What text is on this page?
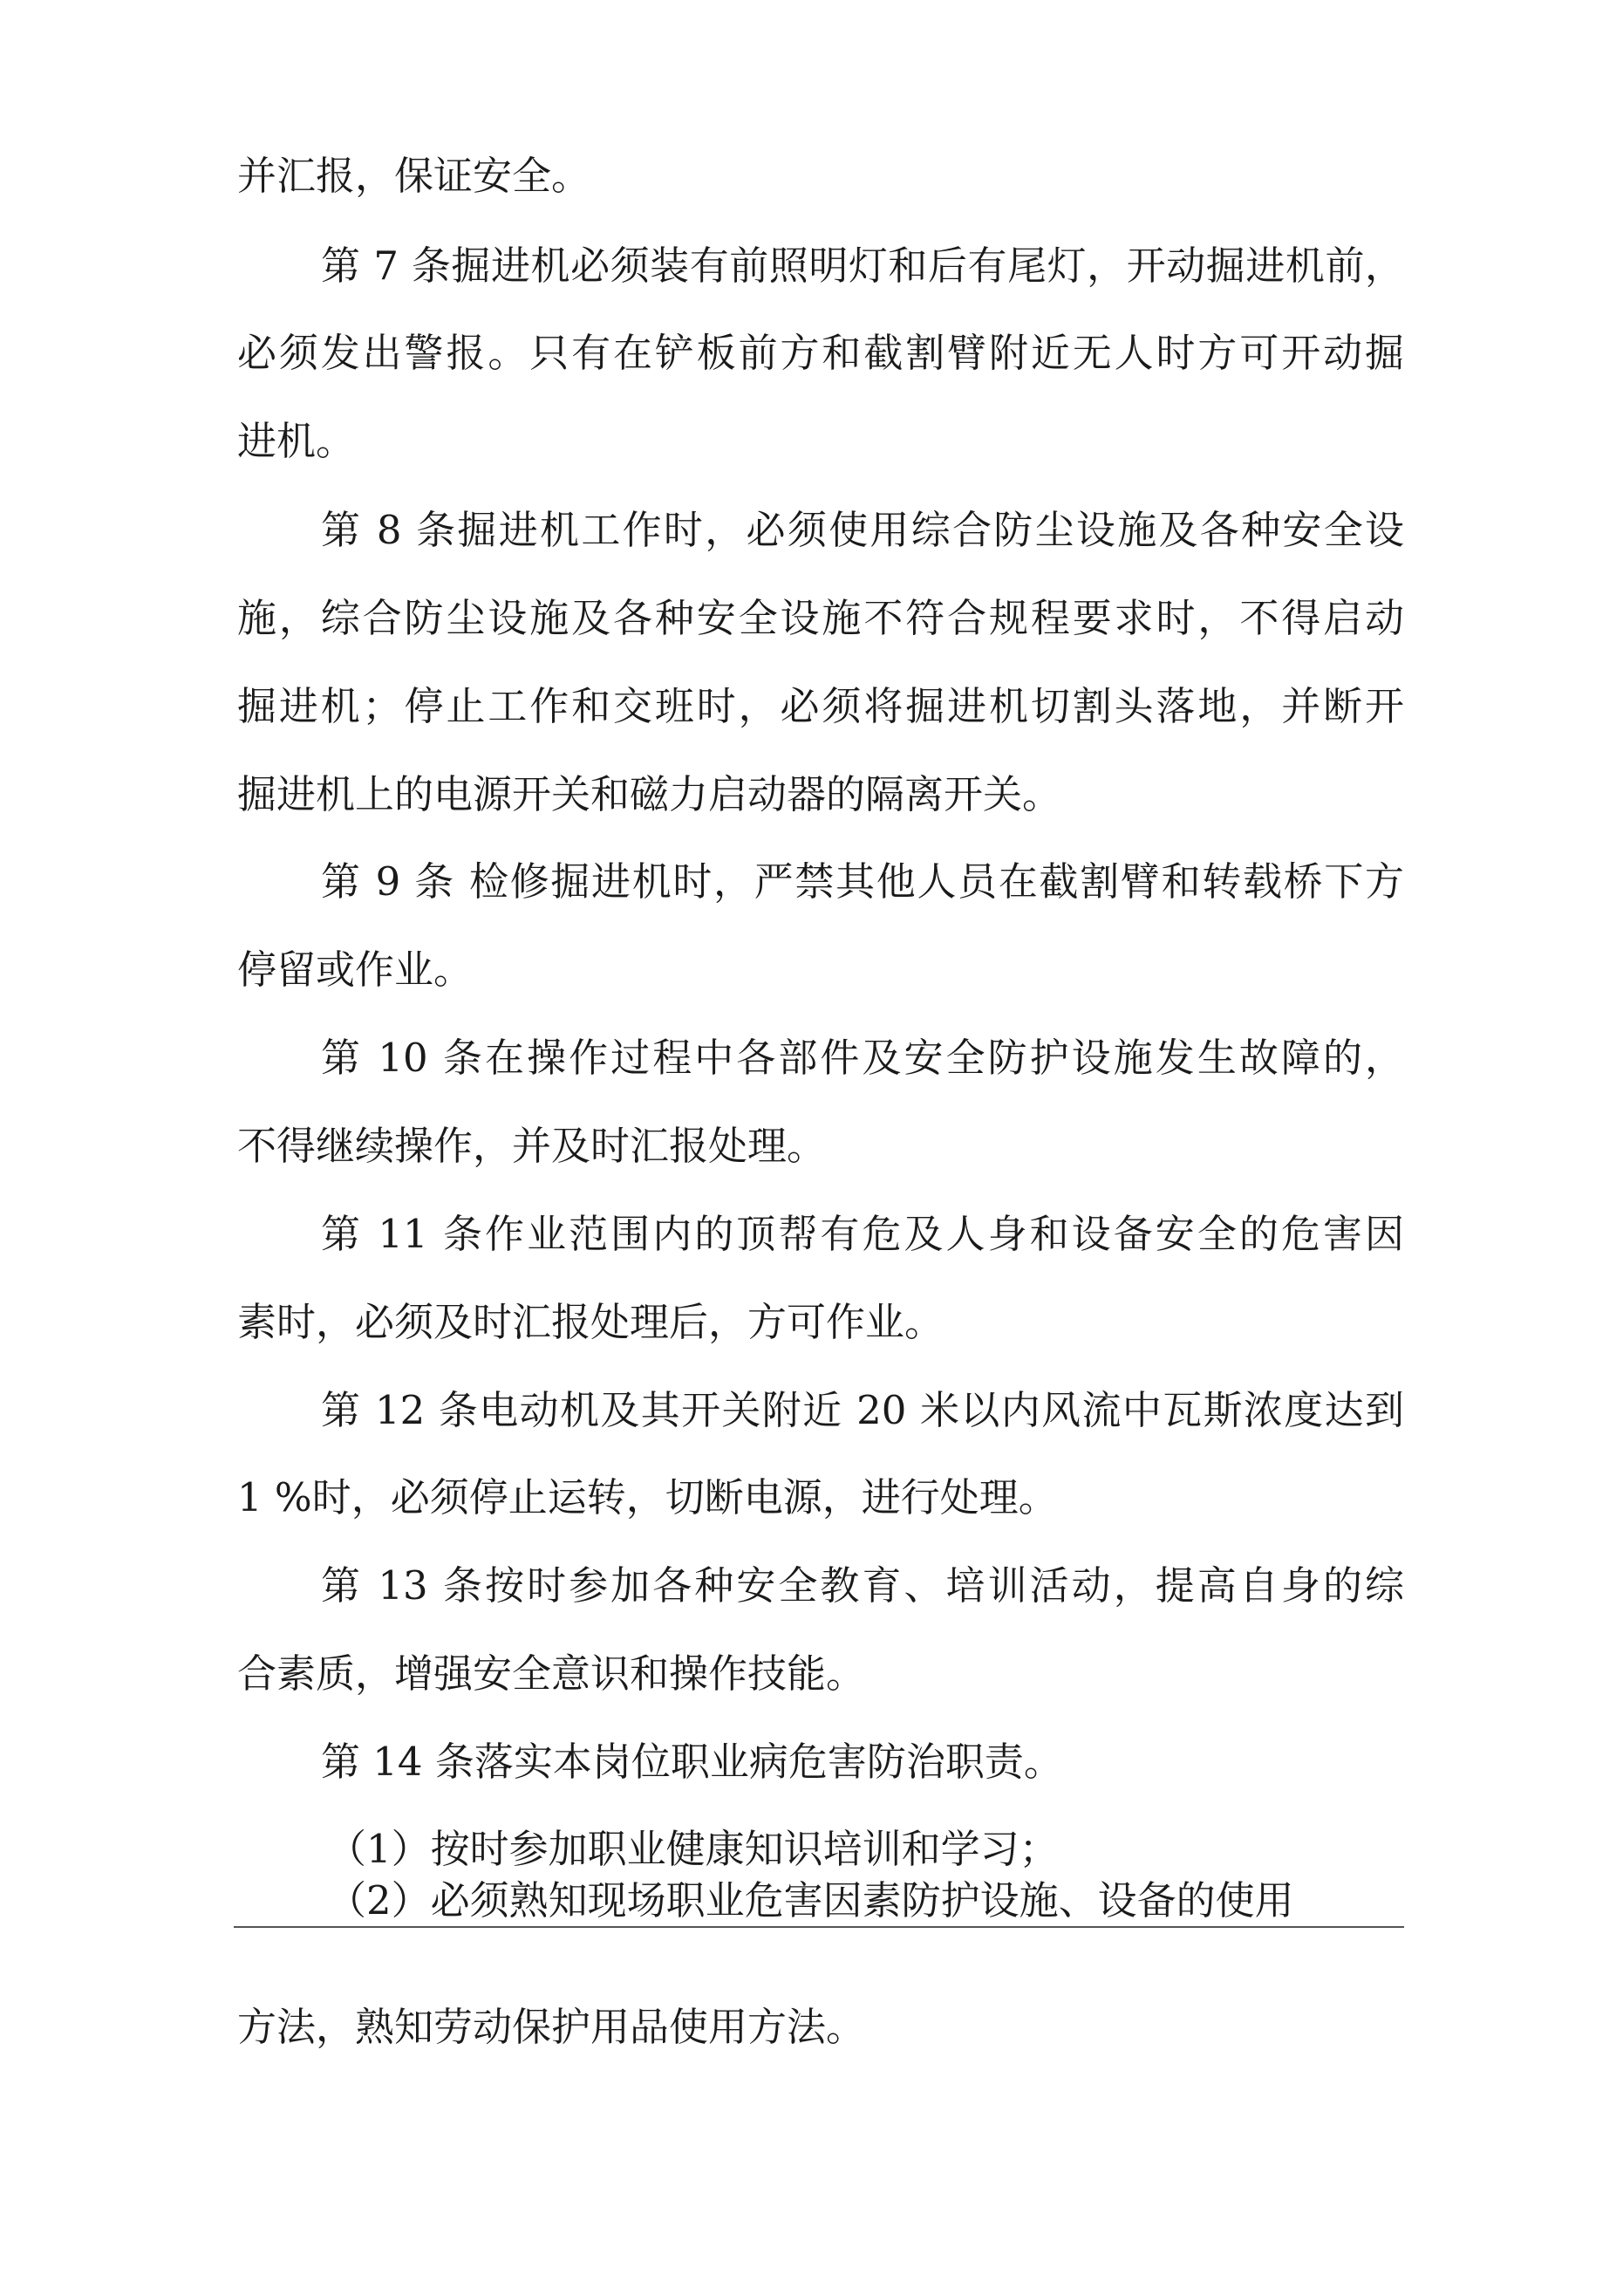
并汇报，保证安全。
第 7 条掘进机必须装有前照明灯和后有尾灯，开动掘进机前，
必须发出警报。只有在铲板前方和截割臂附近无人时方可开动掘
进机。
第 8 条掘进机工作时，必须使用综合防尘设施及各种安全设
施，综合防尘设施及各种安全设施不符合规程要求时，不得启动
掘进机；停止工作和交班时，必须将掘进机切割头落地，并断开
掘进机上的电源开关和磁力启动器的隔离开关。
第 9 条 检修掘进机时，严禁其他人员在截割臂和转载桥下方
停留或作业。
第 10 条在操作过程中各部件及安全防护设施发生故障的，
不得继续操作，并及时汇报处理。
第 11 条作业范围内的顶帮有危及人身和设备安全的危害因
素时，必须及时汇报处理后，方可作业。
第 12 条电动机及其开关附近 20 米以内风流中瓦斯浓度达到
1 %时，必须停止运转，切断电源，进行处理。
第 13 条按时参加各种安全教育、培训活动，提高自身的综
合素质，增强安全意识和操作技能。
第 14 条落实本岗位职业病危害防治职责。
（1）按时参加职业健康知识培训和学习；
（2）必须熟知现场职业危害因素防护设施、设备的使用
方法，熟知劳动保护用品使用方法。
